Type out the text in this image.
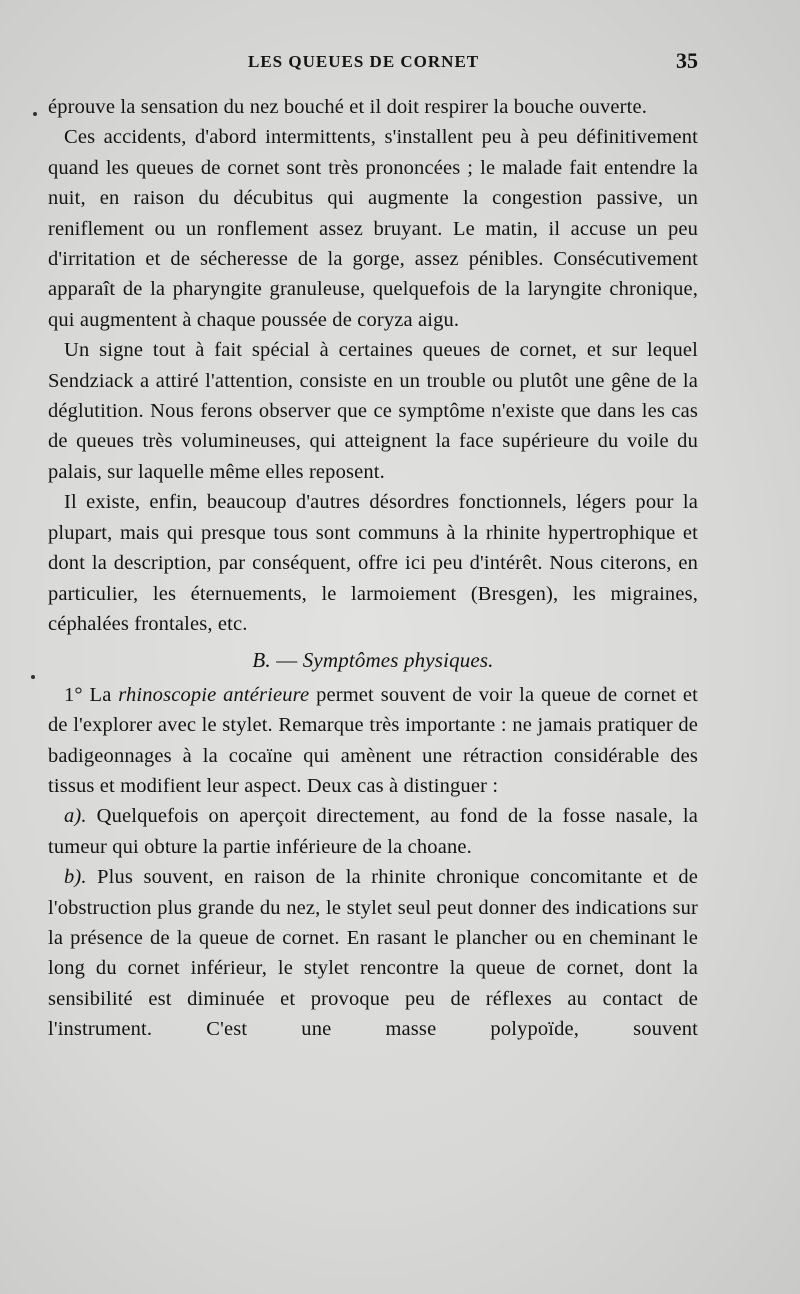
LES QUEUES DE CORNET	35

éprouve la sensation du nez bouché et il doit respirer la bouche ouverte.

Ces accidents, d'abord intermittents, s'installent peu à peu définitivement quand les queues de cornet sont très prononcées ; le malade fait entendre la nuit, en raison du décubitus qui augmente la congestion passive, un reniflement ou un ronflement assez bruyant. Le matin, il accuse un peu d'irritation et de sécheresse de la gorge, assez pénibles. Consécutivement apparaît de la pharyngite granuleuse, quelquefois de la laryngite chronique, qui augmentent à chaque poussée de coryza aigu.

Un signe tout à fait spécial à certaines queues de cornet, et sur lequel Sendziack a attiré l'attention, consiste en un trouble ou plutôt une gêne de la déglutition. Nous ferons observer que ce symptôme n'existe que dans les cas de queues très volumineuses, qui atteignent la face supérieure du voile du palais, sur laquelle même elles reposent.

Il existe, enfin, beaucoup d'autres désordres fonctionnels, légers pour la plupart, mais qui presque tous sont communs à la rhinite hypertrophique et dont la description, par conséquent, offre ici peu d'intérêt. Nous citerons, en particulier, les éternuements, le larmoiement (Bresgen), les migraines, céphalées frontales, etc.

B. — Symptômes physiques.

1° La rhinoscopie antérieure permet souvent de voir la queue de cornet et de l'explorer avec le stylet. Remarque très importante : ne jamais pratiquer de badigeonnages à la cocaïne qui amènent une rétraction considérable des tissus et modifient leur aspect. Deux cas à distinguer :

a). Quelquefois on aperçoit directement, au fond de la fosse nasale, la tumeur qui obture la partie inférieure de la choane.

b). Plus souvent, en raison de la rhinite chronique concomitante et de l'obstruction plus grande du nez, le stylet seul peut donner des indications sur la présence de la queue de cornet. En rasant le plancher ou en cheminant le long du cornet inférieur, le stylet rencontre la queue de cornet, dont la sensibilité est diminuée et provoque peu de réflexes au contact de l'instrument. C'est une masse polypoïde, souvent
